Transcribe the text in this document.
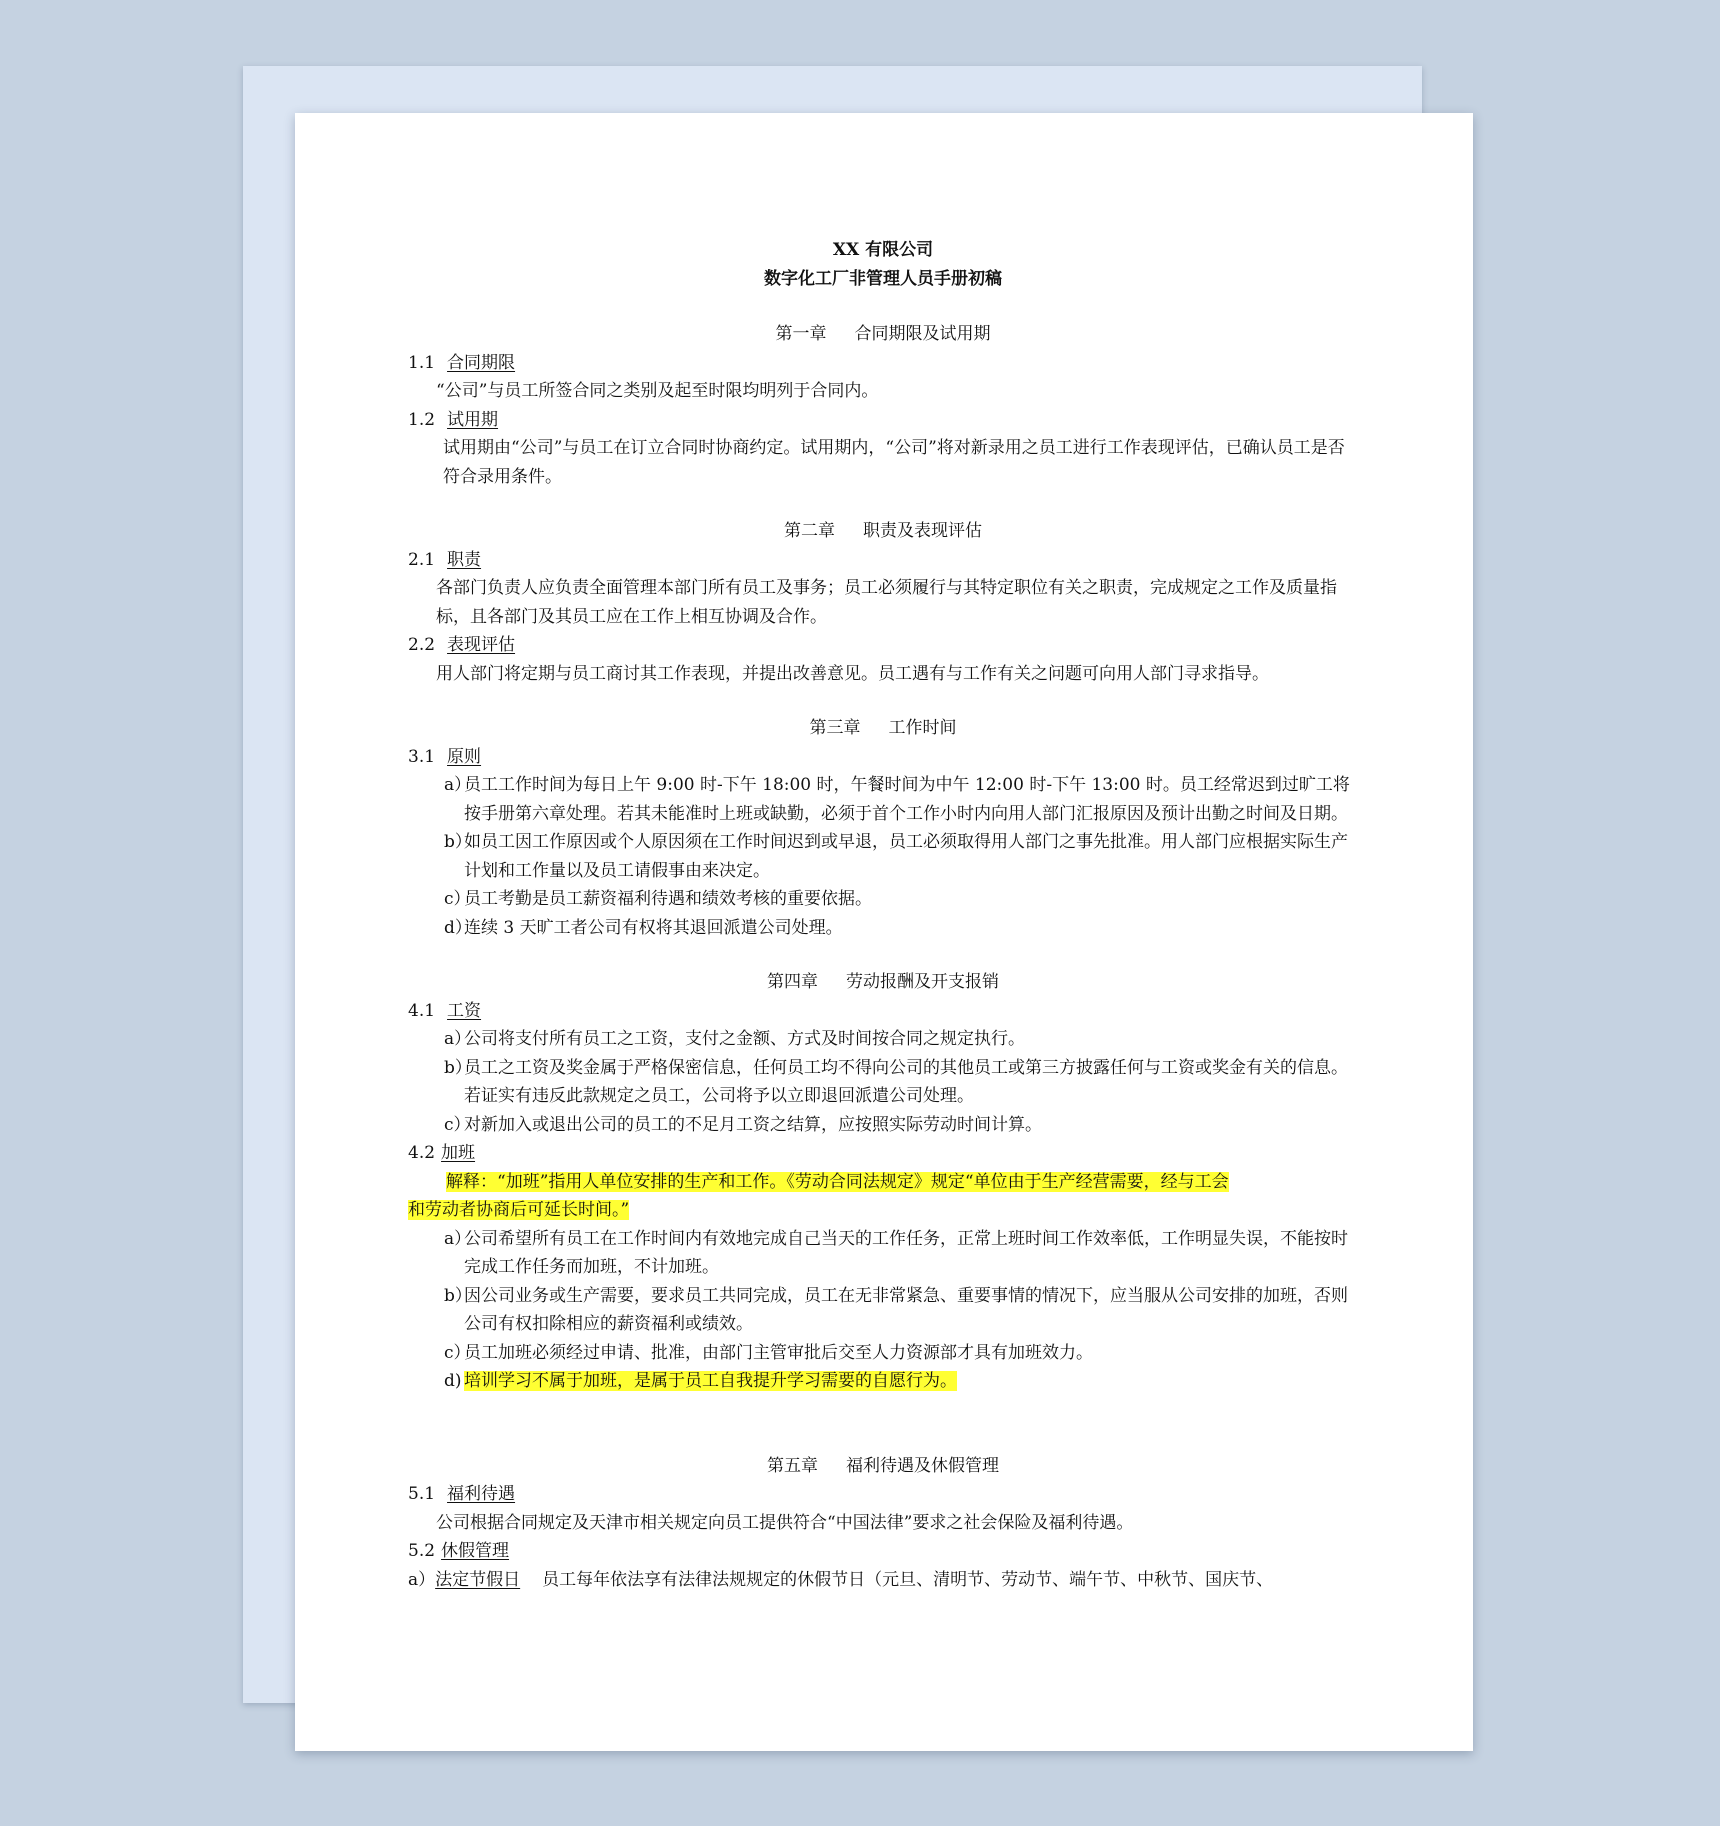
XX 有限公司
数字化工厂非管理人员手册初稿
第一章 合同期限及试用期
1.1 合同期限
“公司”与员工所签合同之类别及起至时限均明列于合同内。
1.2 试用期
试用期由“公司”与员工在订立合同时协商约定。试用期内，“公司”将对新录用之员工进行工作表现评估，已确认员工是否符合录用条件。
第二章 职责及表现评估
2.1 职责
各部门负责人应负责全面管理本部门所有员工及事务；员工必须履行与其特定职位有关之职责，完成规定之工作及质量指标，且各部门及其员工应在工作上相互协调及合作。
2.2 表现评估
用人部门将定期与员工商讨其工作表现，并提出改善意见。员工遇有与工作有关之问题可向用人部门寻求指导。
第三章 工作时间
3.1 原则
a）员工工作时间为每日上午 9:00 时-下午 18:00 时，午餐时间为中午 12:00 时-下午 13:00 时。员工经常迟到过旷工将按手册第六章处理。若其未能准时上班或缺勤，必须于首个工作小时内向用人部门汇报原因及预计出勤之时间及日期。
b）如员工因工作原因或个人原因须在工作时间迟到或早退，员工必须取得用人部门之事先批准。用人部门应根据实际生产计划和工作量以及员工请假事由来决定。
c）员工考勤是员工薪资福利待遇和绩效考核的重要依据。
d）连续 3 天旷工者公司有权将其退回派遣公司处理。
第四章 劳动报酬及开支报销
4.1 工资
a）公司将支付所有员工之工资，支付之金额、方式及时间按合同之规定执行。
b）员工之工资及奖金属于严格保密信息，任何员工均不得向公司的其他员工或第三方披露任何与工资或奖金有关的信息。若证实有违反此款规定之员工，公司将予以立即退回派遣公司处理。
c）对新加入或退出公司的员工的不足月工资之结算，应按照实际劳动时间计算。
4.2 加班
解释：“加班”指用人单位安排的生产和工作。《劳动合同法规定》规定“单位由于生产经营需要，经与工会
和劳动者协商后可延长时间。”
a）公司希望所有员工在工作时间内有效地完成自己当天的工作任务，正常上班时间工作效率低，工作明显失误，不能按时完成工作任务而加班，不计加班。
b）因公司业务或生产需要，要求员工共同完成，员工在无非常紧急、重要事情的情况下，应当服从公司安排的加班，否则公司有权扣除相应的薪资福利或绩效。
c）员工加班必须经过申请、批准，由部门主管审批后交至人力资源部才具有加班效力。
d) 培训学习不属于加班，是属于员工自我提升学习需要的自愿行为。
第五章 福利待遇及休假管理
5.1 福利待遇
公司根据合同规定及天津市相关规定向员工提供符合“中国法律”要求之社会保险及福利待遇。
5.2 休假管理
a）法定节假日 员工每年依法享有法律法规规定的休假节日（元旦、清明节、劳动节、端午节、中秋节、国庆节、
